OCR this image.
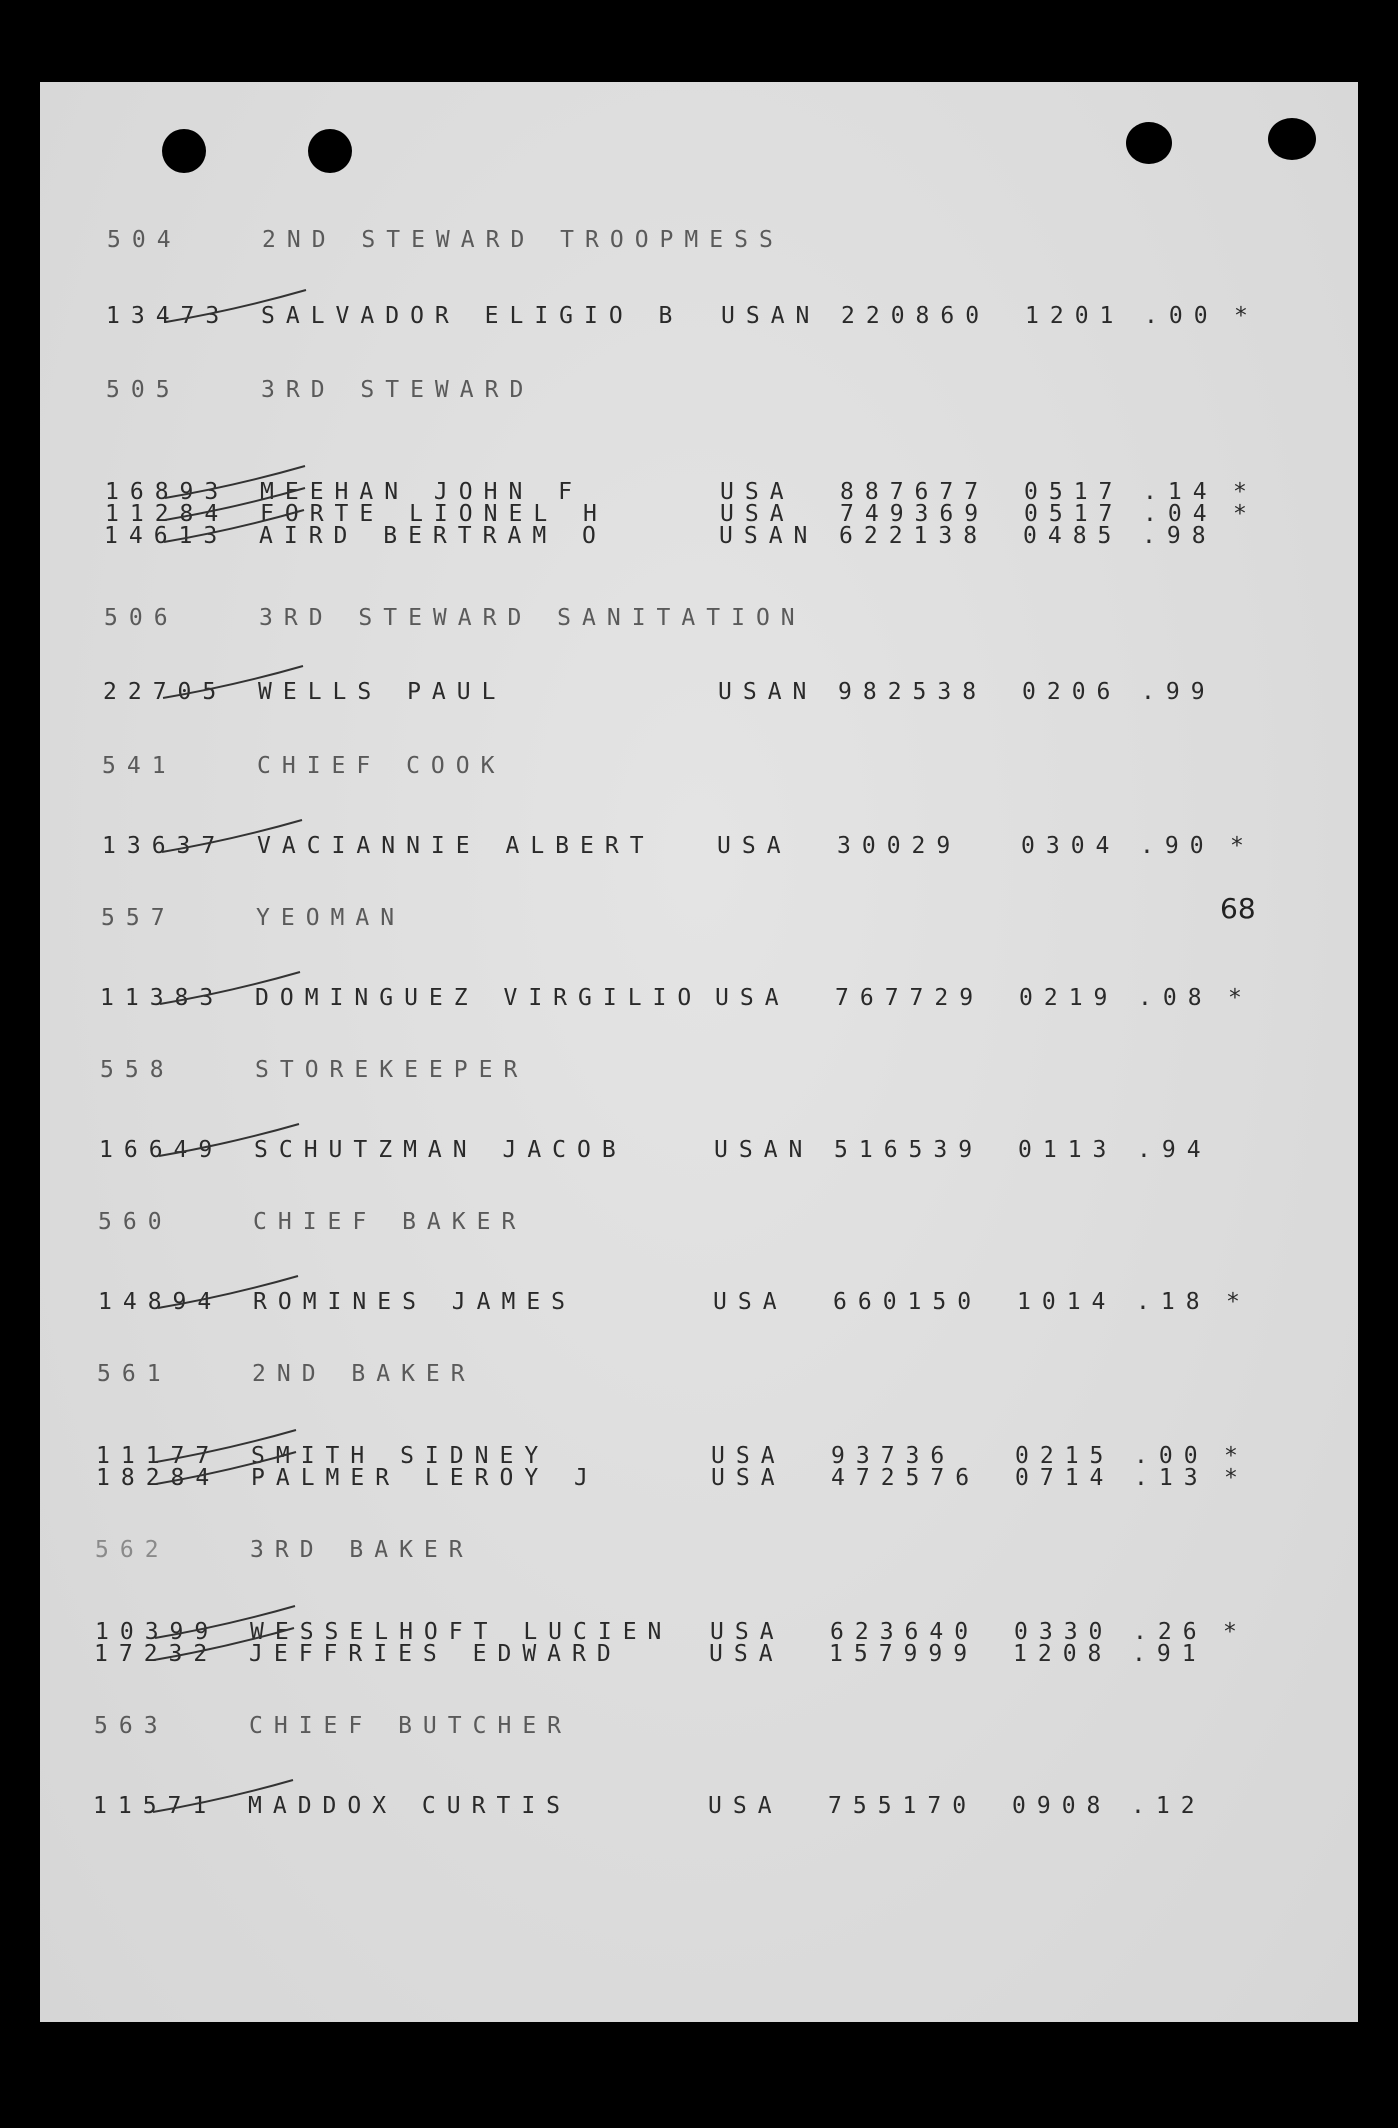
68
504	2ND STEWARD TROOPMESS
13473 SALVADOR ELIGIO B USAN 220860 1201 .00 *
505	3RD STEWARD
16893 MEEHAN JOHN F	USA 887677 0517 .14 *
11284 FORTE LIONEL H	USA 749369 0517 .04 *
14613 AIRD BERTRAM O	USAN 622138 0485 .98
506	3RD STEWARD SANITATION
22705 WELLS PAUL	USAN 982538 0206 .99
541	CHIEF COOK
13637 VACIANNIE ALBERT	USA 30029	0304 .90 *
557	YEOMAN
11383 DOMINGUEZ VIRGILIO USA 767729 0219 .08 *
558	STOREKEEPER
16649 SCHUTZMAN JACOB	USAN 516539 0113 .94
560	CHIEF BAKER
14894 ROMINES JAMES	USA 660150 1014 .18 *
561	2ND BAKER
11177 SMITH SIDNEY	USA 93736	0215 .00 *
18284 PALMER LEROY J	USA 472576 0714 .13 *
562	3RD BAKER
10399 WESSELHOFT LUCIEN USA 623640 0330 .26 *
17232 JEFFRIES EDWARD	USA 157999 1208 .91
563	CHIEF BUTCHER
11571 MADDOX CURTIS	USA 755170 0908 .12
